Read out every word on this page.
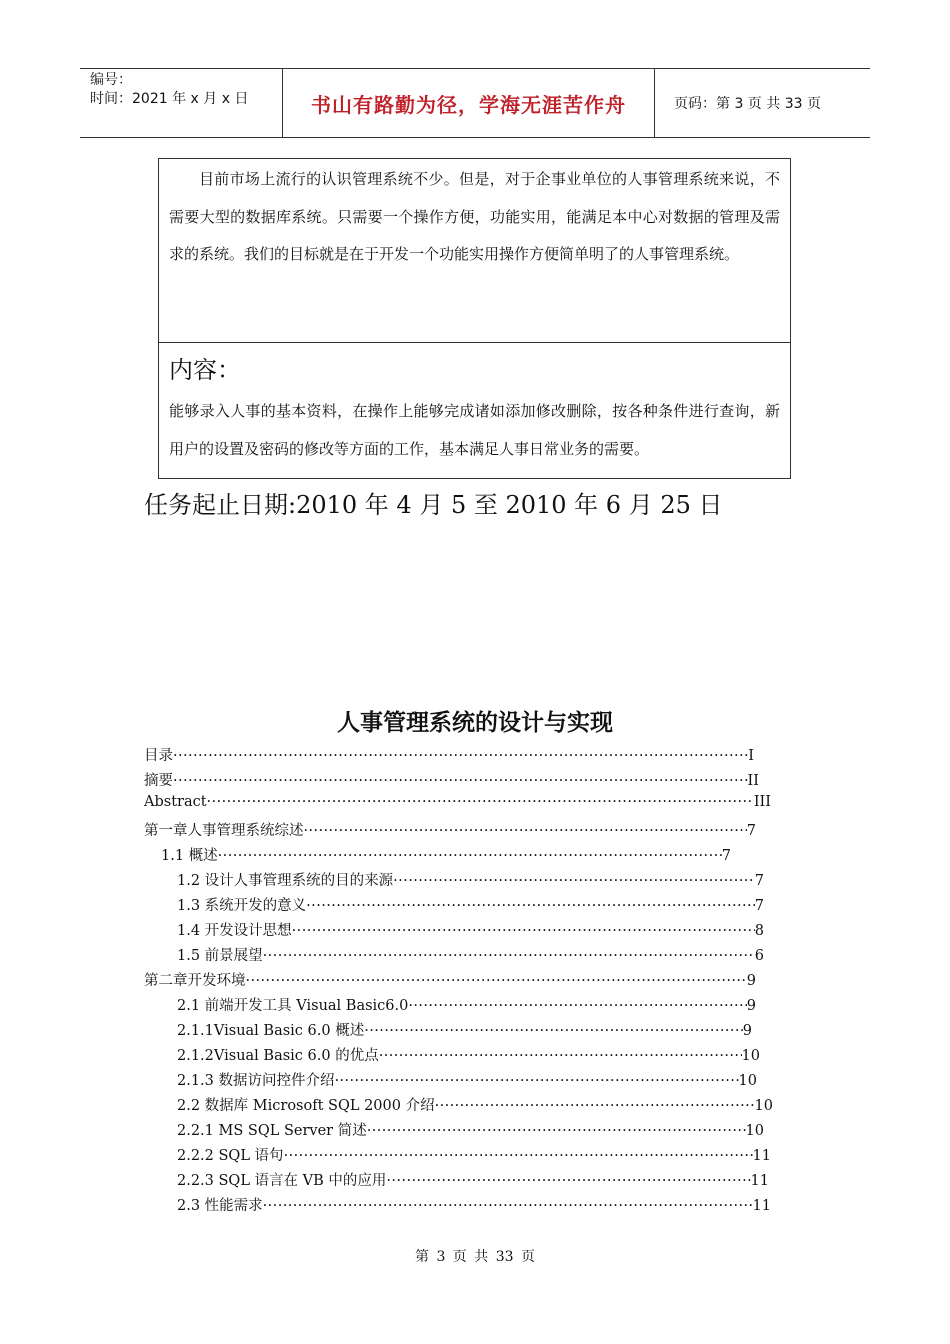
编号：
时间：2021 年 x 月 x 日	书山有路勤为径，学海无涯苦作舟	页码：第 3 页 共 33 页

目前市场上流行的认识管理系统不少。但是，对于企事业单位的人事管理系统来说，不需要大型的数据库系统。只需要一个操作方便，功能实用，能满足本中心对数据的管理及需求的系统。我们的目标就是在于开发一个功能实用操作方便简单明了的人事管理系统。

内容：

能够录入人事的基本资料，在操作上能够完成诸如添加修改删除，按各种条件进行查询，新用户的设置及密码的修改等方面的工作，基本满足人事日常业务的需要。

任务起止日期:2010 年 4 月 5 至 2010 年 6 月 25 日
人事管理系统的设计与实现
目录 ·····	I
摘要 ·····	II
Abstract ·····	III
第一章人事管理系统综述 ·····	7
1.1 概述 ·····	7
1.2 设计人事管理系统的目的来源 ·····	7
1.3 系统开发的意义 ·····	7
1.4 开发设计思想 ·····	8
1.5 前景展望 ·····	6
第二章开发环境 ·····	9
2.1 前端开发工具 Visual Basic6.0 ·····	9
2.1.1Visual Basic 6.0 概述 ·····	9
2.1.2Visual Basic 6.0 的优点 ·····	10
2.1.3 数据访问控件介绍 ·····	10
2.2 数据库 Microsoft SQL 2000 介绍 ·····	10
2.2.1 MS SQL Server 简述 ·····	10
2.2.2 SQL 语句 ·····	11
2.2.3 SQL 语言在 VB 中的应用 ·····	11
2.3 性能需求 ·····	11
第 3 页 共 33 页
